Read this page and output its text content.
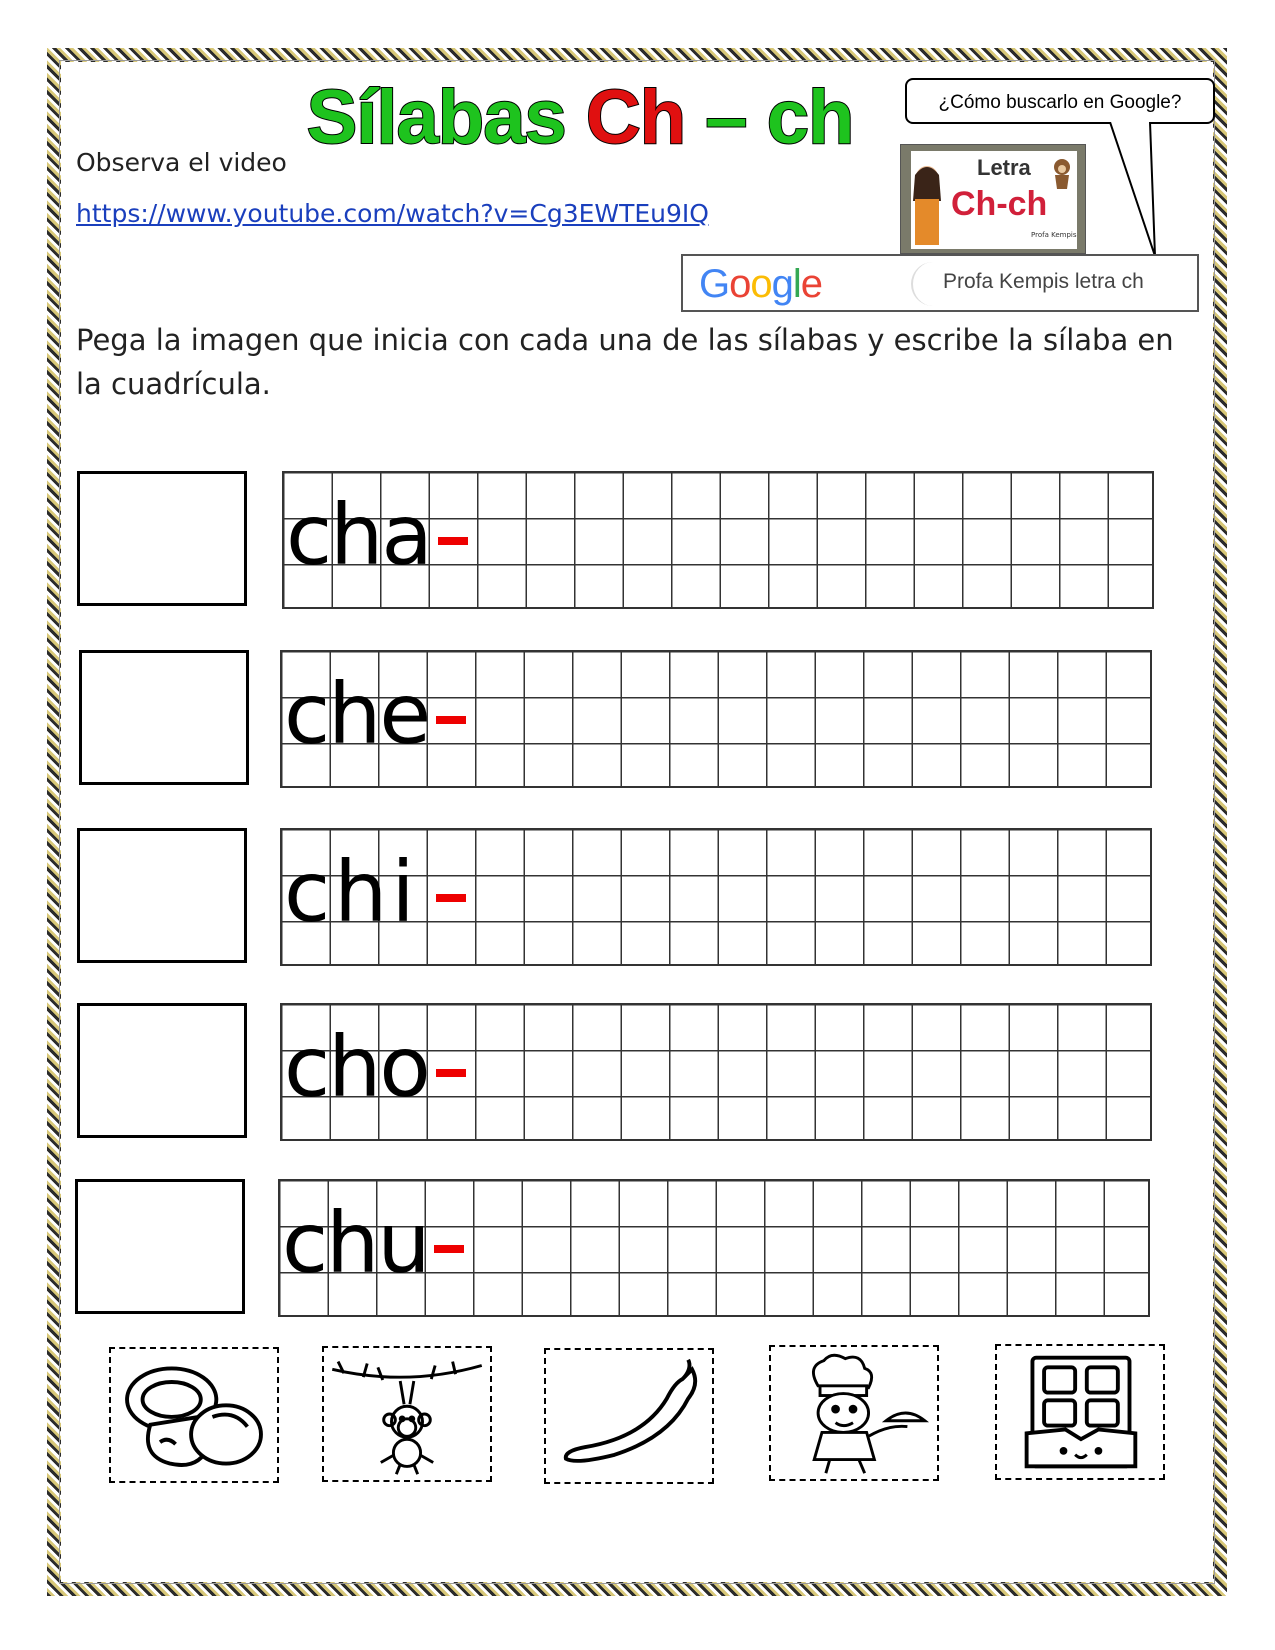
Sílabas Ch – ch
Observa el video
https://www.youtube.com/watch?v=Cg3EWTEu9IQ
¿Cómo buscarlo en Google?
Letra
Ch-ch
Profa Kempis
Google	Profa Kempis letra ch
Pega la imagen que inicia con cada una de las sílabas y escribe la sílaba en la cuadrícula.
cha
che
chi
cho
chu
